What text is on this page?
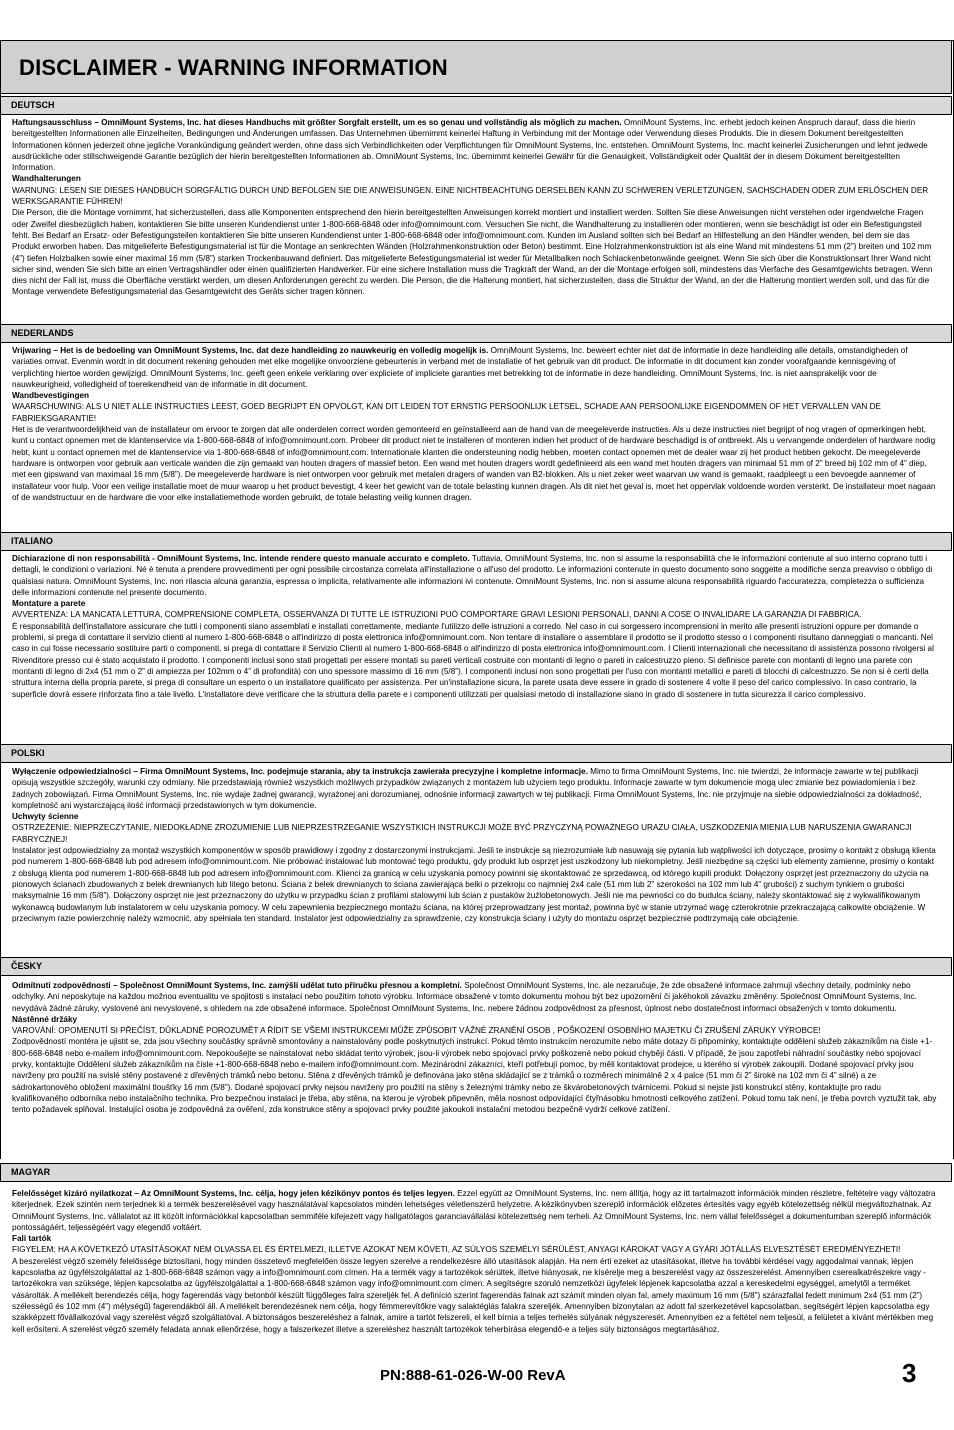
DISCLAIMER - WARNING INFORMATION
DEUTSCH

Haftungsausschluss – OmniMount Systems, Inc. hat dieses Handbuchs mit größter Sorgfalt erstellt, um es so genau und vollständig als möglich zu machen. OmniMount Systems, Inc. erhebt jedoch keinen Anspruch darauf, dass die hierin bereitgestellten Informationen alle Einzelheiten, Bedingungen und Änderungen umfassen. Das Unternehmen übernimmt keinerlei Haftung in Verbindung mit der Montage oder Verwendung dieses Produkts. Die in diesem Dokument bereitgestellten Informationen können jederzeit ohne jegliche Vorankündigung geändert werden, ohne dass sich Verbindlichkeiten oder Verpflichtungen für OmniMount Systems, Inc. entstehen. OmniMount Systems, Inc. macht keinerlei Zusicherungen und lehnt jedwede ausdrückliche oder stillschweigende Garantie bezüglich der hierin bereitgestellten Informationen ab. OmniMount Systems, Inc. übernimmt keinerlei Gewähr für die Genauigkeit, Vollständigkeit oder Qualität der in diesem Dokument bereitgestellten Information.

Wandhalterungen

WARNUNG: LESEN SIE DIESES HANDBUCH SORGFÄLTIG DURCH UND BEFOLGEN SIE DIE ANWEISUNGEN. EINE NICHTBEACHTUNG DERSELBEN KANN ZU SCHWEREN VERLETZUNGEN, SACHSCHADEN ODER ZUM ERLÖSCHEN DER WERKSGARANTIE FÜHREN!

Die Person, die die Montage vornimmt, hat sicherzustellen, dass alle Komponenten entsprechend den hierin bereitgestellten Anweisungen korrekt montiert und installiert werden. Sollten Sie diese Anweisungen nicht verstehen oder irgendwelche Fragen oder Zweifel diesbezüglich haben, kontaktieren Sie bitte unseren Kundendienst unter 1-800-668-6848 oder info@omnimount.com. Versuchen Sie nicht, die Wandhalterung zu installieren oder montieren, wenn sie beschädigt ist oder ein Befestigungsteil fehlt. Bei Bedarf an Ersatz- oder Befestigungsteilen kontaktieren Sie bitte unseren Kundendienst unter 1-800-668-6848 oder info@omnimount.com. Kunden im Ausland sollten sich bei Bedarf an Hilfestellung an den Händler wenden, bei dem sie das Produkt erworben haben. Das mitgelieferte Befestigungsmaterial ist für die Montage an senkrechten Wänden (Holzrahmenkonstruktion oder Beton) bestimmt. Eine Holzrahmenkonstruktion ist als eine Wand mit mindestens 51 mm (2”) breiten und 102 mm (4”) tiefen Holzbalken sowie einer maximal 16 mm (5/8”) starken Trockenbauwand definiert. Das mitgelieferte Befestigungsmaterial ist weder für Metallbalken noch Schlackenbetonwände geeignet. Wenn Sie sich über die Konstruktionsart Ihrer Wand nicht sicher sind, wenden Sie sich bitte an einen Vertragshändler oder einen qualifizierten Handwerker. Für eine sichere Installation muss die Tragkraft der Wand, an der die Montage erfolgen soll, mindestens das Vierfache des Gesamtgewichts betragen. Wenn dies nicht der Fall ist, muss die Oberfläche verstärkt werden, um diesen Anforderungen gerecht zu werden. Die Person, die die Halterung montiert, hat sicherzustellen, dass die Struktur der Wand, an der die Halterung montiert werden soll, und das für die Montage verwendete Befestigungsmaterial das Gesamtgewicht des Geräts sicher tragen können.

NEDERLANDS

Vrijwaring – Het is de bedoeling van OmniMount Systems, Inc. dat deze handleiding zo nauwkeurig en volledig mogelijk is. OmniMount Systems, Inc. beweert echter niet dat de informatie in deze handleiding alle details, omstandigheden of variaties omvat. Evenmin wordt in dit document rekening gehouden met elke mogelijke onvoorziene gebeurtenis in verband met de installatie of het gebruik van dit product. De informatie in dit document kan zonder voorafgaande kennisgeving of verplichting hiertoe worden gewijzigd. OmniMount Systems, Inc. geeft geen enkele verklaring over expliciete of impliciete garanties met betrekking tot de informatie in deze handleiding. OmniMount Systems, Inc. is niet aansprakelijk voor de nauwkeurigheid, volledigheid of toereikendheid van de informatie in dit document.

Wandbevestigingen

WAARSCHUWING: ALS U NIET ALLE INSTRUCTIES LEEST, GOED BEGRIJPT EN OPVOLGT, KAN DIT LEIDEN TOT ERNSTIG PERSOONLIJK LETSEL, SCHADE AAN PERSOONLIJKE EIGENDOMMEN OF HET VERVALLEN VAN DE FABRIEKSGARANTIE!

Het is de verantwoordelijkheid van de installateur om ervoor te zorgen dat alle onderdelen correct worden gemonteerd en geïnstalleerd aan de hand van de meegeleverde instructies. Als u deze instructies niet begrijpt of nog vragen of opmerkingen hebt, kunt u contact opnemen met de klantenservice via 1-800-668-6848 of info@omnimount.com. Probeer dit product niet te installeren of monteren indien het product of de hardware beschadigd is of ontbreekt. Als u vervangende onderdelen of hardware nodig hebt, kunt u contact opnemen met de klantenservice via 1-800-668-6848 of info@omnimount.com. Internationale klanten die ondersteuning nodig hebben, moeten contact opnemen met de dealer waar zij het product hebben gekocht. De meegeleverde hardware is ontworpen voor gebruik aan verticale wanden die zijn gemaakt van houten dragers of massief beton. Een wand met houten dragers wordt gedefinieerd als een wand met houten dragers van minimaal 51 mm of 2” breed bij 102 mm of 4” diep, met een gipswand van maximaal 16 mm (5/8”). De meegeleverde hardware is niet ontworpen voor gebruik met metalen dragers of wanden van B2-blokken. Als u niet zeker weet waarvan uw wand is gemaakt, raadpleegt u een bevoegde aannemer of installateur voor hulp. Voor een veilige installatie moet de muur waarop u het product bevestigt, 4 keer het gewicht van de totale belasting kunnen dragen. Als dit niet het geval is, moet het oppervlak voldoende worden versterkt. De installateur moet nagaan of de wandstructuur en de hardware die voor elke installatiemethode worden gebruikt, de totale belasting veilig kunnen dragen.

ITALIANO

Dichiarazione di non responsabilità - OmniMount Systems, Inc. intende rendere questo manuale accurato e completo. Tuttavia, OmniMount Systems, Inc. non si assume la responsabilità che le informazioni contenute al suo interno coprano tutti i dettagli, le condizioni o variazioni. Né è tenuta a prendere provvedimenti per ogni possibile circostanza correlata all'installazione o all'uso del prodotto. Le informazioni contenute in questo documento sono soggette a modifiche senza preavviso o obbligo di qualsiasi natura. OmniMount Systems, Inc. non rilascia alcuna garanzia, espressa o implicita, relativamente alle informazioni ivi contenute. OmniMount Systems, Inc. non si assume alcuna responsabilità riguardo l'accuratezza, completezza o sufficienza delle informazioni contenute nel presente documento.

Montature a parete

AVVERTENZA: LA MANCATA LETTURA, COMPRENSIONE COMPLETA, OSSERVANZA DI TUTTE LE ISTRUZIONI PUÒ COMPORTARE GRAVI LESIONI PERSONALI, DANNI A COSE O INVALIDARE LA GARANZIA DI FABBRICA.

È responsabilità dell'installatore assicurare che tutti i componenti siano assemblati e installati correttamente, mediante l'utilizzo delle istruzioni a corredo. Nel caso in cui sorgessero incomprensioni in merito alle presenti istruzioni oppure per domande o problemi, si prega di contattare il servizio clienti al numero 1-800-668-6848 o all'indirizzo di posta elettronica info@omnimount.com. Non tentare di installare o assemblare il prodotto se il prodotto stesso o i componenti risultano danneggiati o mancanti. Nel caso in cui fosse necessario sostituire parti o componenti, si prega di contattare il Servizio Clienti al numero 1-800-668-6848 o all'indirizzo di posta elettronica info@omnimount.com. I Clienti internazionali che necessitano di assistenza possono rivolgersi al Rivenditore presso cui è stato acquistato il prodotto. I componenti inclusi sono stati progettati per essere montati su pareti verticali costruite con montanti di legno o pareti in calcestruzzo pieno. Si definisce parete con montanti di legno una parete con montanti di legno di 2x4 (51 mm o 2” di ampiezza per 102mm o 4” di profondità) con uno spessore massimo di 16 mm (5/8”). I componenti inclusi non sono progettati per l'uso con montanti metallici e pareti di blocchi di calcestruzzo. Se non si è certi della struttura interna della propria parete, si prega di consultare un esperto o un installatore qualificato per assistenza. Per un'installazione sicura, la parete usata deve essere in grado di sostenere 4 volte il peso del carico complessivo. In caso contrario, la superficie dovrà essere rinforzata fino a tale livello. L'installatore deve verificare che la struttura della parete e i componenti utilizzati per qualsiasi metodo di installazione siano in grado di sostenere in tutta sicurezza il carico complessivo.

POLSKI

Wyłączenie odpowiedzialności – Firma OmniMount Systems, Inc. podejmuje starania, aby ta instrukcja zawierała precyzyjne i kompletne informacje. Mimo to firma OmniMount Systems, Inc. nie twierdzi, że informacje zawarte w tej publikacji opisują wszystkie szczegóły, warunki czy odmiany. Nie przedstawiają również wszystkich możliwych przypadków związanych z montażem lub użyciem tego produktu. Informacje zawarte w tym dokumencie mogą ulec zmianie bez powiadomienia i bez żadnych zobowiązań. Firma OmniMount Systems, Inc. nie wydaje żadnej gwarancji, wyrażonej ani dorozumianej, odnośnie informacji zawartych w tej publikacji. Firma OmniMount Systems, Inc. nie przyjmuje na siebie odpowiedzialności za dokładność, kompletność ani wystarczającą ilość informacji przedstawionych w tym dokumencie.

Uchwyty ścienne

OSTRZEŻENIE: NIEPRZECZYTANIE, NIEDOKŁADNE ZROZUMIENIE LUB NIEPRZESTRZEGANIE WSZYSTKICH INSTRUKCJI MOŻE BYĆ PRZYCZYNĄ POWAŻNEGO URAZU CIAŁA, USZKODZENIA MIENIA LUB NARUSZENIA GWARANCJI FABRYCZNEJ!

Instalator jest odpowiedzialny za montaż wszystkich komponentów w sposób prawidłowy i zgodny z dostarczonymi instrukcjami. Jeśli te instrukcje są niezrozumiałe lub nasuwają się pytania lub wątpliwości ich dotyczące, prosimy o kontakt z obsługą klienta pod numerem 1-800-668-6848 lub pod adresem info@omnimount.com. Nie próbować instalować lub montować tego produktu, gdy produkt lub osprzęt jest uszkodzony lub niekompletny. Jeśli niezbędne są części lub elementy zamienne, prosimy o kontakt z obsługą klienta pod numerem 1-800-668-6848 lub pod adresem info@omnimount.com. Klienci za granicą w celu uzyskania pomocy powinni się skontaktować ze sprzedawcą, od którego kupili produkt. Dołączony osprzęt jest przeznaczony do użycia na pionowych ścianach zbudowanych z belek drewnianych lub litego betonu. Ściana z belek drewnianych to ściana zawierająca belki o przekroju co najmniej 2x4 cale (51 mm lub 2” szerokości na 102 mm lub 4” grubości) z suchym tynkiem o grubości maksymalnie 16 mm (5/8”). Dołączony osprzęt nie jest przeznaczony do użytku w przypadku ścian z profilami stalowymi lub ścian z pustaków żużlobetonowych. Jeśli nie ma pewności co do budulca ściany, należy skontaktować się z wykwalifikowanym wykonawcą budowlanym lub instalatorem w celu uzyskania pomocy. W celu zapewnienia bezpiecznego montażu ściana, na której przeprowadzany jest montaż, powinna być w stanie utrzymać wagę czterokrotnie przekraczającą całkowite obciążenie. W przeciwnym razie powierzchnię należy wzmocnić, aby spełniała ten standard. Instalator jest odpowiedzialny za sprawdzenie, czy konstrukcja ściany i użyty do montażu osprzęt bezpiecznie podtrzymają całe obciążenie.

ČESKY

Odmítnutí zodpovědnosti – Společnost OmniMount Systems, Inc. zamýšlí udělat tuto příručku přesnou a kompletní. Společnost OmniMount Systems, Inc. ale nezaručuje, že zde obsažené informace zahrnují všechny detaily, podmínky nebo odchylky. Ani neposkytuje na každou možnou eventualitu ve spojitosti s instalací nebo použitím tohoto výrobku. Informace obsažené v tomto dokumentu mohou být bez upozornění či jakéhokoli závazku změněny. Společnost OmniMount Systems, Inc. nevydává žádné záruky, vyslovené ani nevyslovené, s ohledem na zde obsažené informace. Společnost OmniMount Systems, Inc. nebere žádnou zodpovědnost za přesnost, úplnost nebo dostatečnost informací obsažených v tomto dokumentu.

Nástěnné držáky

VAROVÁNÍ: OPOMENUTÍ SI PŘEČÍST, DŮKLADNĚ POROZUMĚT A ŘÍDIT SE VŠEMI INSTRUKCEMI MŮŽE ZPŮSOBIT VÁŽNÉ ZRANĚNÍ OSOB , POŠKOZENÍ OSOBNÍHO MAJETKU ČI ZRUŠENÍ ZÁRUKY VÝROBCE!

Zodpovědností montéra je ujistit se, zda jsou všechny součástky správně smontovány a nainstalovány podle poskytnutých instrukcí. Pokud těmto instrukcím nerozumíte nebo máte dotazy či připomínky, kontaktujte oddělení služeb zákazníkům na čísle +1-800-668-6848 nebo e-mailem info@omnimount.com. Nepokoušejte se nainstalovat nebo skládat tento výrobek, jsou-li výrobek nebo spojovací prvky poškozené nebo pokud chybějí části. V případě, že jsou zapotřebí náhradní součástky nebo spojovací prvky, kontaktujte Oddělení služeb zákazníkům na čísle +1-800-668-6848 nebo e-mailem info@omnimount.com. Mezinárodní zákazníci, kteří potřebují pomoc, by měli kontaktovat prodejce, u kterého si výrobek zakoupili. Dodané spojovací prvky jsou navrženy pro použití na svislé stěny postavené z dřevěných trámků nebo betonu. Stěna z dřevěných trámků je definována jako stěna skládající se z trámků o rozměrech minimálně 2 x 4 palce (51 mm či 2” široké na 102 mm či 4” silné) a ze sádrokartonového obložení maximální tloušťky 16 mm (5/8”). Dodané spojovací prvky nejsou navrženy pro použití na stěny s železnými trámky nebo ze škvárobetonových tvárnicemi. Pokud si nejste jisti konstrukcí stěny, kontaktujte pro radu kvalifikovaného odborníka nebo instalačního technika. Pro bezpečnou instalaci je třeba, aby stěna, na kterou je výrobek připevněn, měla nosnost odpovídající čtyřnásobku hmotnosti celkového zatížení. Pokud tomu tak není, je třeba povrch vyztužit tak, aby tento požadavek splňoval. Instalující osoba je zodpovědná za ověření, zda konstrukce stěny a spojovací prvky použité jakoukoli instalační metodou bezpečně vydrží celkové zatížení.

MAGYAR

Felelősséget kizáró nyilatkozat – Az OmniMount Systems, Inc. célja, hogy jelen kézikönyv pontos és teljes legyen. Ezzel együtt az OmniMount Systems, Inc. nem állítja, hogy az itt tartalmazott információk minden részletre, feltételre vagy változatra kiterjednek. Ezek szintén nem terjednek ki a termék beszerelésével vagy használatával kapcsolatos minden lehetséges véletlenszerű helyzetre. A kézikönyvben szereplő információk előzetes értesítés vagy egyéb kötelezettség nélkül megváltozhatnak. Az OmniMount Systems, Inc. vállalatot az itt közölt információkkal kapcsolatban semmiféle kifejezett vagy hallgatólagos garanciavállalási kötelezettség nem terheli. Az OmniMount Systems, Inc. nem vállal felelősséget a dokumentumban szereplő információk pontosságáért, teljességéért vagy elegendő voltáért.

Fali tartók

FIGYELEM: HA A KÖVETKEZŐ UTASÍTÁSOKAT NEM OLVASSA EL ÉS ÉRTELMEZI, ILLETVE AZOKAT NEM KÖVETI, AZ SÚLYOS SZEMÉLYI SÉRÜLÉST, ANYAGI KÁROKAT VAGY A GYÁRI JÓTÁLLÁS ELVESZTÉSÉT EREDMÉNYEZHETI!

A beszerelést végző személy felelőssége biztosítani, hogy minden összetevő megfelelően össze legyen szerelve a rendelkezésre álló utasítások alapján. Ha nem érti ezeket az utasításokat, illetve ha további kérdései vagy aggodalmai vannak, lépjen kapcsolatba az ügyfélszolgálattal az 1-800-668-6848 számon vagy a info@omnimount.com címen. Ha a termék vagy a tartozékok sérültek, illetve hiányosak, ne kísérelje meg a beszerelést vagy az összeszerelést. Amennyiben cserealkatrészekre vagy -tartozékokra van szüksége, lépjen kapcsolatba az ügyfélszolgálattal a 1-800-668-6848 számon vagy info@omnimount.com címen. A segítségre szoruló nemzetközi ügyfelek lépjenek kapcsolatba azzal a kereskedelmi egységgel, amelytől a terméket vásárolták. A mellékelt berendezés célja, hogy fagerendás vagy betonból készült függőleges falra szereljék fel. A definíció szerint fagerendás falnak azt számít minden olyan fal, amely maximum 16 mm (5/8”) szárazfallal fedett minimum 2x4 (51 mm (2”) szélességű és 102 mm (4”) mélységű) fagerendákból áll. A mellékelt berendezésnek nem célja, hogy fémmerevítőkre vagy salaktéglás falakra szereljék. Amennyiben bizonytalan az adott fal szerkezetével kapcsolatban, segítségért lépjen kapcsolatba egy szakképzett fővállalkozóval vagy szerelést végző szolgáltatóval. A biztonságos beszereléshez a falnak, amire a tartót felszereli, el kell bírnia a teljes terhelés súlyának négyszeresét. Amennyiben ez a feltétel nem teljesül, a felületet a kívánt mértékben meg kell erősíteni. A szerelést végző személy feladata annak ellenőrzése, hogy a falszerkezet illetve a szereléshez használt tartozékok teherbírása elegendő-e a teljes súly biztonságos megtartásához.

PN:888-61-026-W-00 RevA	3
